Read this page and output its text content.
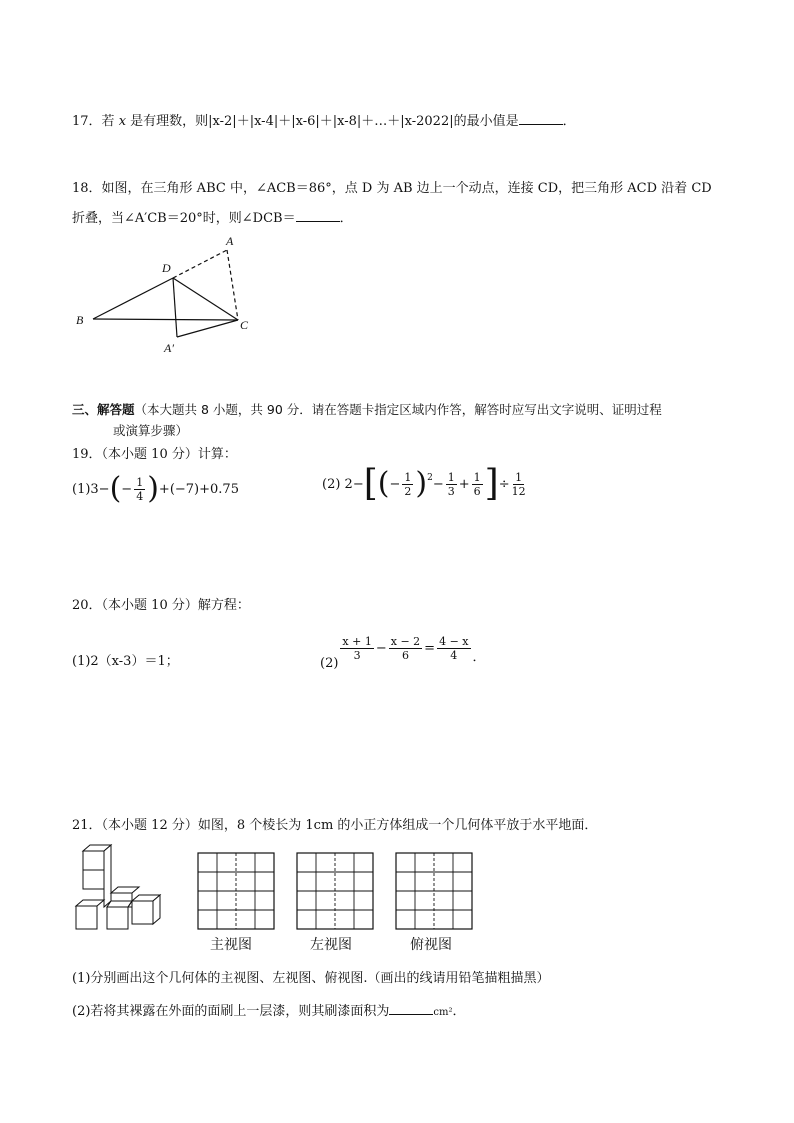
17．若 x 是有理数，则|x-2|＋|x-4|＋|x-6|＋|x-8|＋…＋|x-2022|的最小值是	．
18．如图，在三角形 ABC 中，∠ACB＝86°，点 D 为 AB 边上一个动点，连接 CD，把三角形 ACD 沿着 CD
折叠，当∠A′CB＝20°时，则∠DCB＝	．
A
D
B	C
A′
三、解答题（本大题共 8 小题，共 90 分．请在答题卡指定区域内作答，解答时应写出文字说明、证明过程
或演算步骤）
19．（本小题 10 分）计算：
(1)3− ( − $\frac{1}{4}$ ) +(−7)+0.75	(2) 2− [ ( − $\frac{1}{2} )^2 - \frac{1}{3} + \frac{1}{6}$ ] ÷ $\frac{1}{12}$
20．（本小题 10 分）解方程：
(1)2（x-3）＝1；	(2)
$\frac{x + 1}{3} - \frac{x - 2}{6} = \frac{4 - x}{4}$ ．
21．（本小题 12 分）如图，8 个棱长为 1cm 的小正方体组成一个几何体平放于水平地面．
主视图	左视图	俯视图
(1)分别画出这个几何体的主视图、左视图、俯视图.（画出的线请用铅笔描粗描黑）
(2)若将其裸露在外面的面刷上一层漆，则其刷漆面积为	cm²．
